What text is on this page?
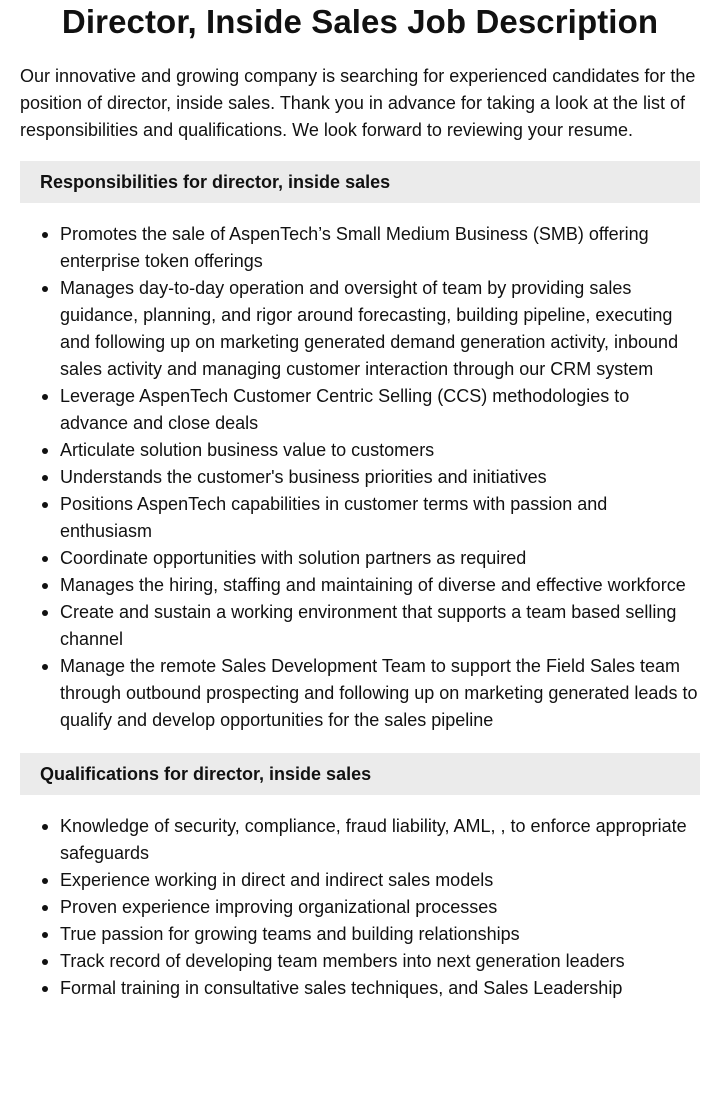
Director, Inside Sales Job Description

Our innovative and growing company is searching for experienced candidates for the position of director, inside sales. Thank you in advance for taking a look at the list of responsibilities and qualifications. We look forward to reviewing your resume.

Responsibilities for director, inside sales
Promotes the sale of AspenTech’s Small Medium Business (SMB) offering enterprise token offerings
Manages day-to-day operation and oversight of team by providing sales guidance, planning, and rigor around forecasting, building pipeline, executing and following up on marketing generated demand generation activity, inbound sales activity and managing customer interaction through our CRM system
Leverage AspenTech Customer Centric Selling (CCS) methodologies to advance and close deals
Articulate solution business value to customers
Understands the customer's business priorities and initiatives
Positions AspenTech capabilities in customer terms with passion and enthusiasm
Coordinate opportunities with solution partners as required
Manages the hiring, staffing and maintaining of diverse and effective workforce
Create and sustain a working environment that supports a team based selling channel
Manage the remote Sales Development Team to support the Field Sales team through outbound prospecting and following up on marketing generated leads to qualify and develop opportunities for the sales pipeline
Qualifications for director, inside sales
Knowledge of security, compliance, fraud liability, AML, , to enforce appropriate safeguards
Experience working in direct and indirect sales models
Proven experience improving organizational processes
True passion for growing teams and building relationships
Track record of developing team members into next generation leaders
Formal training in consultative sales techniques, and Sales Leadership
